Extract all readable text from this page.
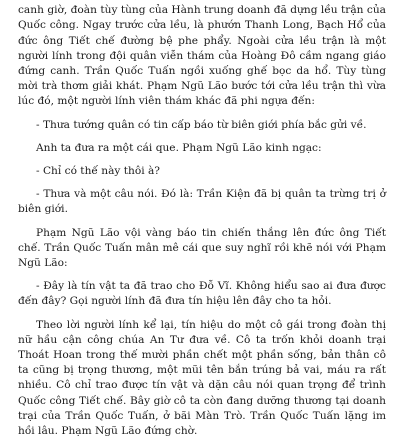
canh giờ, đoàn tùy tùng của Hành trung doanh đã dựng lều trận của Quốc công. Ngay trước cửa lều, là phướn Thanh Long, Bạch Hổ của đức ông Tiết chế đường bệ phe phẩy. Ngoài cửa lều trận là một người lính trong đội quân viễn thám của Hoàng Đô cầm ngang giáo đứng canh. Trần Quốc Tuấn ngồi xuống ghế bọc da hổ. Tùy tùng mời trà thơm giải khát. Phạm Ngũ Lão bước tới cửa lều trận thì vừa lúc đó, một người lính viên thám khác đã phi ngựa đến:

- Thưa tướng quân có tin cấp báo từ biên giới phía bắc gửi về.

Anh ta đưa ra một cái que. Phạm Ngũ Lão kinh ngạc:

- Chỉ có thế này thôi à?

- Thưa và một câu nói. Đó là: Trần Kiện đã bị quân ta trừng trị ở biên giới.

Phạm Ngũ Lão vội vàng báo tin chiến thắng lên đức ông Tiết chế. Trần Quốc Tuấn mân mê cái que suy nghĩ rồi khẽ nói với Phạm Ngũ Lão:

- Đây là tín vật ta đã trao cho Đỗ Vĩ. Không hiểu sao ai đưa được đến đây? Gọi người lính đã đưa tín hiệu lên đây cho ta hỏi.

Theo lời người lính kể lại, tín hiệu do một cô gái trong đoàn thị nữ hầu cận công chúa An Tư đưa về. Cô ta trốn khỏi doanh trại Thoát Hoan trong thế mười phần chết một phần sống, bản thân cô ta cũng bị trọng thương, một mũi tên bắn trúng bả vai, máu ra rất nhiều. Cô chỉ trao được tín vật và dặn câu nói quan trọng để trình Quốc công Tiết chế. Bây giờ cô ta còn đang dưỡng thương tại doanh trại của Trần Quốc Tuấn, ở bãi Màn Trò. Trần Quốc Tuấn lặng im hồi lâu. Phạm Ngũ Lão đứng chờ.
